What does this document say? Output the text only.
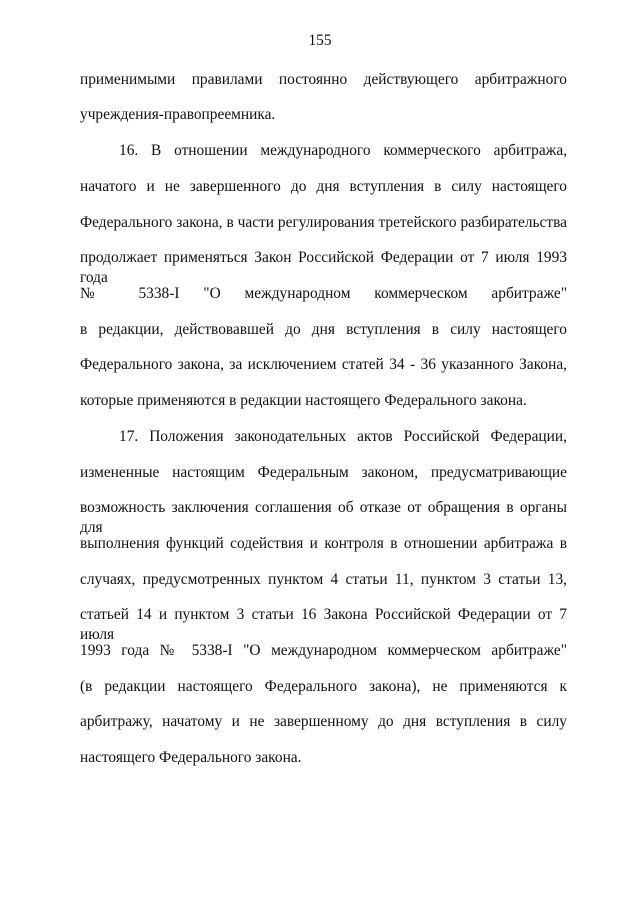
155
применимыми правилами постоянно действующего арбитражного
учреждения-правопреемника.
16. В отношении международного коммерческого арбитража,
начатого и не завершенного до дня вступления в силу настоящего
Федерального закона, в части регулирования третейского разбирательства
продолжает применяться Закон Российской Федерации от 7 июля 1993 года
№ 5338-I "О международном коммерческом арбитраже"
в редакции, действовавшей до дня вступления в силу настоящего
Федерального закона, за исключением статей 34 - 36 указанного Закона,
которые применяются в редакции настоящего Федерального закона.
17. Положения законодательных актов Российской Федерации,
измененные настоящим Федеральным законом, предусматривающие
возможность заключения соглашения об отказе от обращения в органы для
выполнения функций содействия и контроля в отношении арбитража в
случаях, предусмотренных пунктом 4 статьи 11, пунктом 3 статьи 13,
статьей 14 и пунктом 3 статьи 16 Закона Российской Федерации от 7 июля
1993 года № 5338-I "О международном коммерческом арбитраже"
(в редакции настоящего Федерального закона), не применяются к
арбитражу, начатому и не завершенному до дня вступления в силу
настоящего Федерального закона.
